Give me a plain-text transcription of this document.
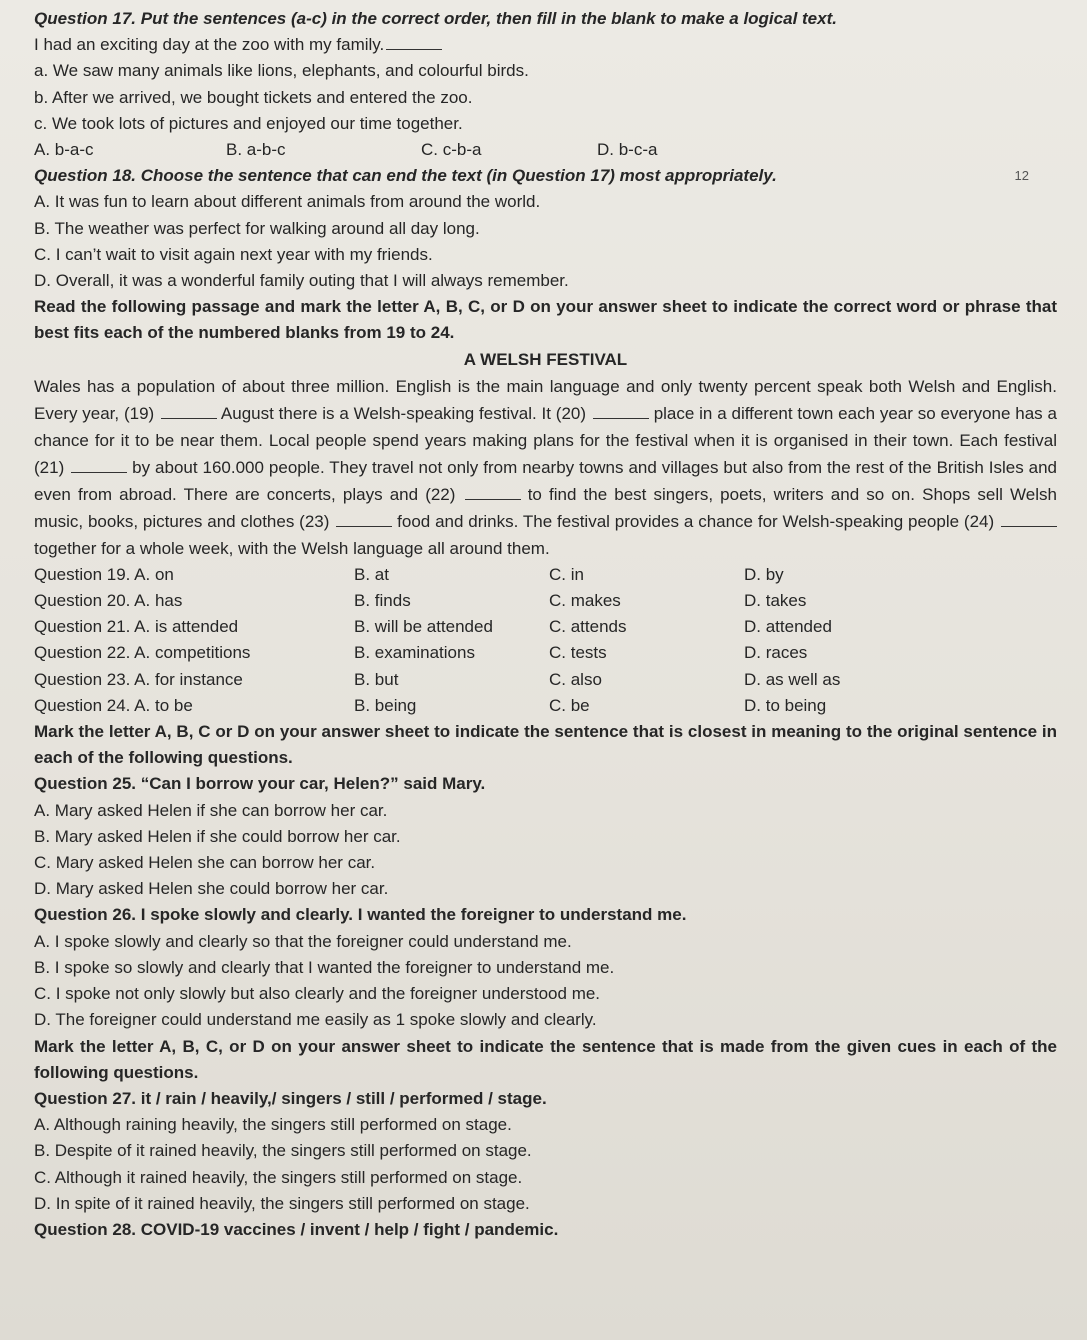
Question 17. Put the sentences (a-c) in the correct order, then fill in the blank to make a logical text.
I had an exciting day at the zoo with my family.
a. We saw many animals like lions, elephants, and colourful birds.
b. After we arrived, we bought tickets and entered the zoo.
c. We took lots of pictures and enjoyed our time together.
A. b-a-c	B. a-b-c	C. c-b-a	D. b-c-a
Question 18. Choose the sentence that can end the text (in Question 17) most appropriately.	12
A. It was fun to learn about different animals from around the world.
B. The weather was perfect for walking around all day long.
C. I can’t wait to visit again next year with my friends.
D. Overall, it was a wonderful family outing that I will always remember.
Read the following passage and mark the letter A, B, C, or D on your answer sheet to indicate the correct word or phrase that best fits each of the numbered blanks from 19 to 24.
A WELSH FESTIVAL
Wales has a population of about three million. English is the main language and only twenty percent speak both Welsh and English. Every year, (19)	August there is a Welsh-speaking festival. It (20)	place in a different town each year so everyone has a chance for it to be near them. Local people spend years making plans for the festival when it is organised in their town. Each festival (21)	by about 160.000 people. They travel not only from nearby towns and villages but also from the rest of the British Isles and even from abroad. There are concerts, plays and (22)	to find the best singers, poets, writers and so on. Shops sell Welsh music, books, pictures and clothes (23)	food and drinks. The festival provides a chance for Welsh-speaking people (24)  together for a whole week, with the Welsh language all around them.
Question 19. A. on	B. at	C. in	D. by
Question 20. A. has	B. finds	C. makes	D. takes
Question 21. A. is attended	B. will be attended	C. attends	D. attended
Question 22. A. competitions	B. examinations	C. tests	D. races
Question 23. A. for instance	B. but	C. also	D. as well as
Question 24. A. to be	B. being	C. be	D. to being
Mark the letter A, B, C or D on your answer sheet to indicate the sentence that is closest in meaning to the original sentence in each of the following questions.
Question 25. “Can I borrow your car, Helen?” said Mary.
A. Mary asked Helen if she can borrow her car.
B. Mary asked Helen if she could borrow her car.
C. Mary asked Helen she can borrow her car.
D. Mary asked Helen she could borrow her car.
Question 26. I spoke slowly and clearly. I wanted the foreigner to understand me.
A. I spoke slowly and clearly so that the foreigner could understand me.
B. I spoke so slowly and clearly that I wanted the foreigner to understand me.
C. I spoke not only slowly but also clearly and the foreigner understood me.
D. The foreigner could understand me easily as 1 spoke slowly and clearly.
Mark the letter A, B, C, or D on your answer sheet to indicate the sentence that is made from the given cues in each of the following questions.
Question 27. it / rain / heavily,/ singers / still / performed / stage.
A. Although raining heavily, the singers still performed on stage.
B. Despite of it rained heavily, the singers still performed on stage.
C. Although it rained heavily, the singers still performed on stage.
D. In spite of it rained heavily, the singers still performed on stage.
Question 28. COVID-19 vaccines / invent / help / fight / pandemic.
